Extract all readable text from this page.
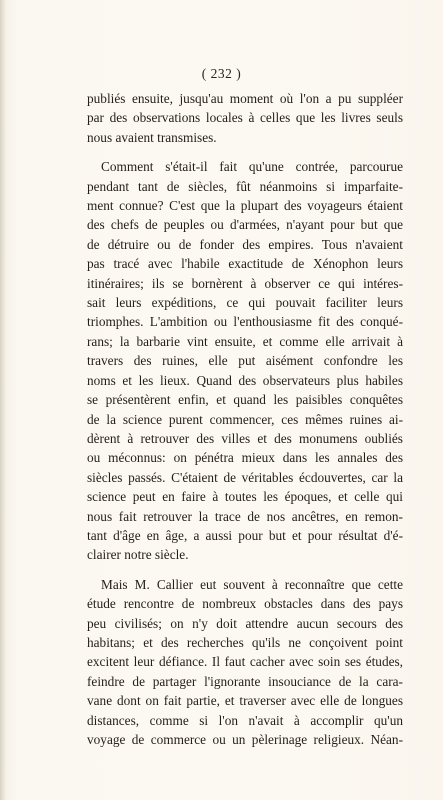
( 232 )
publiés ensuite, jusqu'au moment où l'on a pu suppléer
par des observations locales à celles que les livres seuls
nous avaient transmises.
Comment s'était-il fait qu'une contrée, parcourue
pendant tant de siècles, fût néanmoins si imparfaite-
ment connue? C'est que la plupart des voyageurs étaient
des chefs de peuples ou d'armées, n'ayant pour but que
de détruire ou de fonder des empires. Tous n'avaient
pas tracé avec l'habile exactitude de Xénophon leurs
itinéraires; ils se bornèrent à observer ce qui intéres-
sait leurs expéditions, ce qui pouvait faciliter leurs
triomphes. L'ambition ou l'enthousiasme fit des conqué-
rans; la barbarie vint ensuite, et comme elle arrivait à
travers des ruines, elle put aisément confondre les
noms et les lieux. Quand des observateurs plus habiles
se présentèrent enfin, et quand les paisibles conquêtes
de la science purent commencer, ces mêmes ruines ai-
dèrent à retrouver des villes et des monumens oubliés
ou méconnus: on pénétra mieux dans les annales des
siècles passés. C'étaient de véritables écdouvertes, car la
science peut en faire à toutes les époques, et celle qui
nous fait retrouver la trace de nos ancêtres, en remon-
tant d'âge en âge, a aussi pour but et pour résultat d'é-
clairer notre siècle.
Mais M. Callier eut souvent à reconnaître que cette
étude rencontre de nombreux obstacles dans des pays
peu civilisés; on n'y doit attendre aucun secours des
habitans; et des recherches qu'ils ne conçoivent point
excitent leur défiance. Il faut cacher avec soin ses études,
feindre de partager l'ignorante insouciance de la cara-
vane dont on fait partie, et traverser avec elle de longues
distances, comme si l'on n'avait à accomplir qu'un
voyage de commerce ou un pèlerinage religieux. Néan-
